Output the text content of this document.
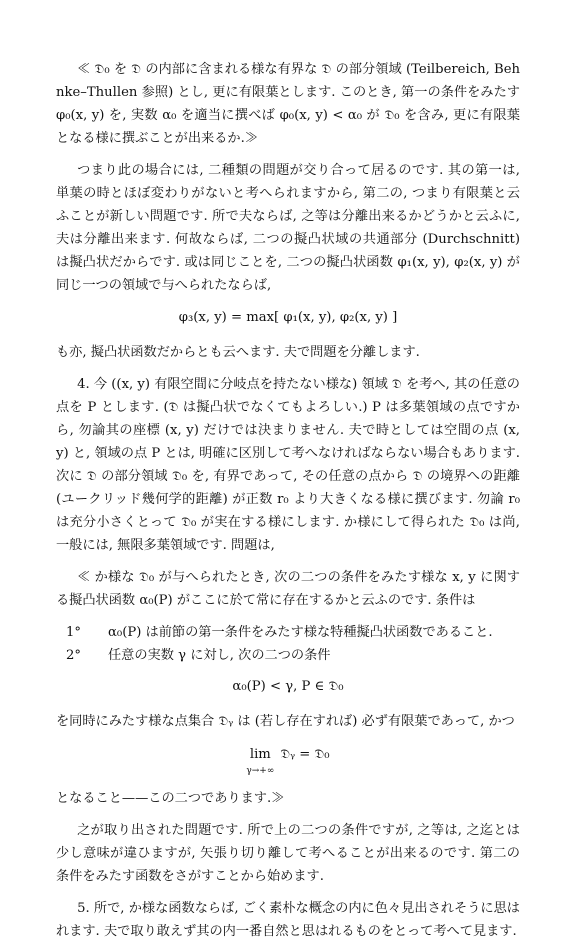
≪ 𝔇₀ を 𝔇 の内部に含まれる様な有界な 𝔇 の部分領域 (Teilbereich, Behnke–Thullen 参照) とし, 更に有限葉とします. このとき, 第一の条件をみたす φ₀(x, y) を, 実数 α₀ を適当に撰べば φ₀(x, y) < α₀ が 𝔇₀ を含み, 更に有限葉となる様に撰ぶことが出来るか.≫

つまり此の場合には, 二種類の問題が交り合って居るのです. 其の第一は, 単葉の時とほぼ変わりがないと考へられますから, 第二の, つまり有限葉と云ふことが新しい問題です. 所で夫ならば, 之等は分離出来るかどうかと云ふに, 夫は分離出来ます. 何故ならば, 二つの擬凸状域の共通部分 (Durchschnitt) は擬凸状だからです. 或は同じことを, 二つの擬凸状函数 φ₁(x, y), φ₂(x, y) が同じ一つの領域で与へられたならば,

φ₃(x, y) = max[ φ₁(x, y), φ₂(x, y) ]

も亦, 擬凸状函数だからとも云へます. 夫で問題を分離します.

4. 今 ((x, y) 有限空間に分岐点を持たない様な) 領域 𝔇 を考へ, 其の任意の点を P とします. (𝔇 は擬凸状でなくてもよろしい.) P は多葉領域の点ですから, 勿論其の座標 (x, y) だけでは決まりません. 夫で時としては空間の点 (x, y) と, 領域の点 P とは, 明確に区別して考へなければならない場合もあります. 次に 𝔇 の部分領域 𝔇₀ を, 有界であって, その任意の点から 𝔇 の境界への距離 (ユークリッド幾何学的距離) が正数 r₀ より大きくなる様に撰びます. 勿論 r₀ は充分小さくとって 𝔇₀ が実在する様にします. か様にして得られた 𝔇₀ は尚, 一般には, 無限多葉領域です. 問題は,

≪ か様な 𝔇₀ が与へられたとき, 次の二つの条件をみたす様な x, y に関する擬凸状函数 α₀(P) がここに於て常に存在するかと云ふのです. 条件は

1°	α₀(P) は前節の第一条件をみたす様な特種擬凸状函数であること.
2°	任意の実数 γ に対し, 次の二つの条件
α₀(P) < γ, P ∈ 𝔇₀

を同時にみたす様な点集合 𝔇ᵧ は (若し存在すれば) 必ず有限葉であって, かつ

lim
γ→+∞
𝔇ᵧ = 𝔇₀

となること——この二つであります.≫

之が取り出された問題です. 所で上の二つの条件ですが, 之等は, 之迄とは少し意味が違ひますが, 矢張り切り離して考へることが出来るのです. 第二の条件をみたす函数をさがすことから始めます.

5. 所で, か様な函数ならば, ごく素朴な概念の内に色々見出されそうに思はれます. 夫で取り敢えず其の内一番自然と思はれるものをとって考へて見ます.
